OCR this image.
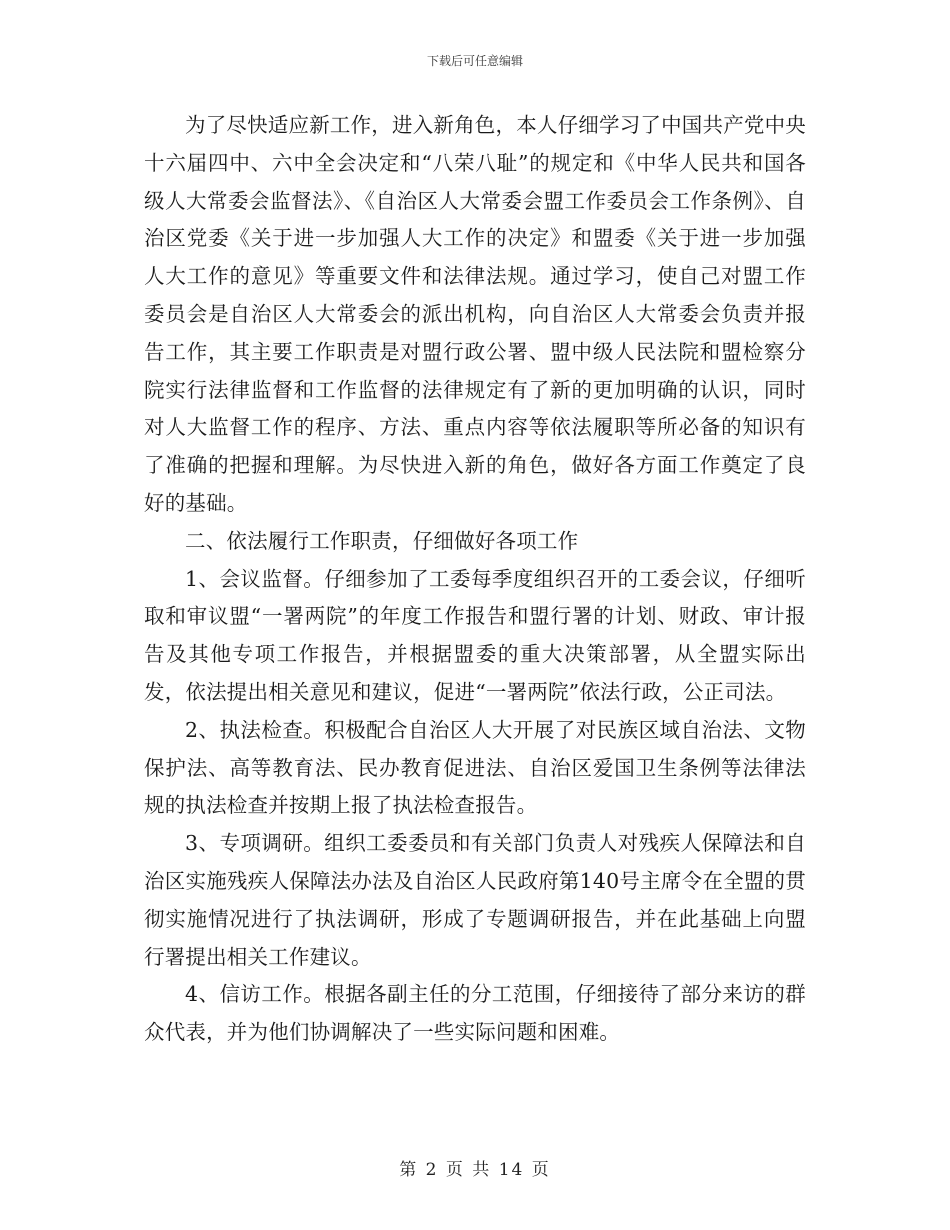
下载后可任意编辑

为了尽快适应新工作，进入新角色，本人仔细学习了中国共产党中央十六届四中、六中全会决定和“八荣八耻”的规定和《中华人民共和国各级人大常委会监督法》、《自治区人大常委会盟工作委员会工作条例》、自治区党委《关于进一步加强人大工作的决定》和盟委《关于进一步加强人大工作的意见》等重要文件和法律法规。通过学习，使自己对盟工作委员会是自治区人大常委会的派出机构，向自治区人大常委会负责并报告工作，其主要工作职责是对盟行政公署、盟中级人民法院和盟检察分院实行法律监督和工作监督的法律规定有了新的更加明确的认识，同时对人大监督工作的程序、方法、重点内容等依法履职等所必备的知识有了准确的把握和理解。为尽快进入新的角色，做好各方面工作奠定了良好的基础。

二、依法履行工作职责，仔细做好各项工作

1、会议监督。仔细参加了工委每季度组织召开的工委会议，仔细听取和审议盟“一署两院”的年度工作报告和盟行署的计划、财政、审计报告及其他专项工作报告，并根据盟委的重大决策部署，从全盟实际出发，依法提出相关意见和建议，促进“一署两院”依法行政，公正司法。

2、执法检查。积极配合自治区人大开展了对民族区域自治法、文物保护法、高等教育法、民办教育促进法、自治区爱国卫生条例等法律法规的执法检查并按期上报了执法检查报告。

3、专项调研。组织工委委员和有关部门负责人对残疾人保障法和自治区实施残疾人保障法办法及自治区人民政府第140号主席令在全盟的贯彻实施情况进行了执法调研，形成了专题调研报告，并在此基础上向盟行署提出相关工作建议。

4、信访工作。根据各副主任的分工范围，仔细接待了部分来访的群众代表，并为他们协调解决了一些实际问题和困难。

第 2 页 共 14 页
